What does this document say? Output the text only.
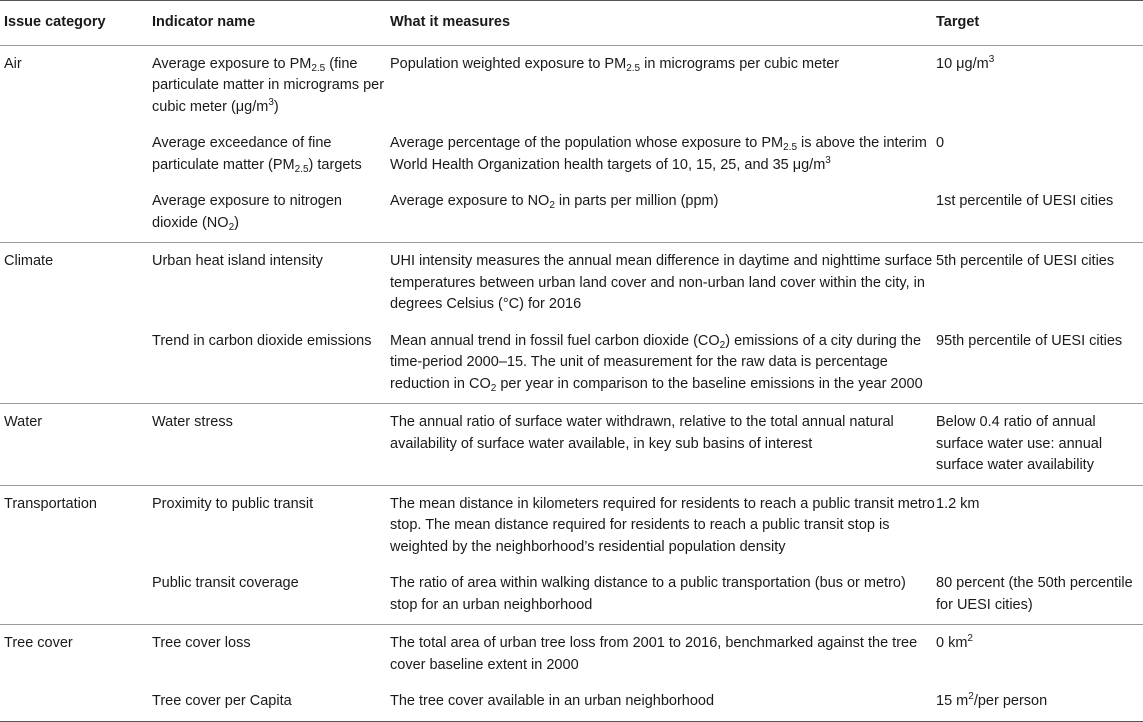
Issue category	Indicator name	What it measures	Target
Air	Average exposure to $PM_{2.5}$ (fine particulate matter in micrograms per cubic meter $(\mu g/m^3)$	Population weighted exposure to $PM_{2.5}$ in micrograms per cubic meter	10 $\mu g/m^3$
	Average exceedance of fine particulate matter $(PM_{2.5})$ targets	Average percentage of the population whose exposure to $PM_{2.5}$ is above the interim World Health Organization health targets of 10, 15, 25, and 35 $\mu g/m^3$	0
	Average exposure to nitrogen dioxide $(NO_2)$	Average exposure to $NO_2$ in parts per million (ppm)	1st percentile of UESI cities
Climate	Urban heat island intensity	UHI intensity measures the annual mean difference in daytime and nighttime surface temperatures between urban land cover and non-urban land cover within the city, in degrees Celsius (°C) for 2016	5th percentile of UESI cities
	Trend in carbon dioxide emissions	Mean annual trend in fossil fuel carbon dioxide $(CO_2)$ emissions of a city during the time-period 2000–15. The unit of measurement for the raw data is percentage reduction in $CO_2$ per year in comparison to the baseline emissions in the year 2000	95th percentile of UESI cities
Water	Water stress	The annual ratio of surface water withdrawn, relative to the total annual natural availability of surface water available, in key sub basins of interest	Below 0.4 ratio of annual surface water use: annual surface water availability
Transportation	Proximity to public transit	The mean distance in kilometers required for residents to reach a public transit metro stop. The mean distance required for residents to reach a public transit stop is weighted by the neighborhood’s residential population density	1.2 km
	Public transit coverage	The ratio of area within walking distance to a public transportation (bus or metro) stop for an urban neighborhood	80 percent (the 50th percentile for UESI cities)
Tree cover	Tree cover loss	The total area of urban tree loss from 2001 to 2016, benchmarked against the tree cover baseline extent in 2000	0 $km^2$
	Tree cover per Capita	The tree cover available in an urban neighborhood	15 $m^2$/per person
